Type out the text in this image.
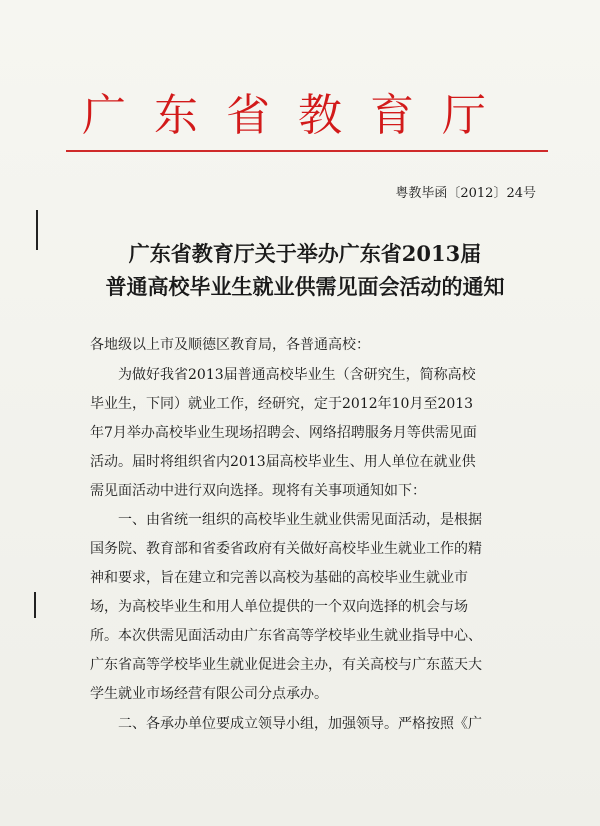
广东省教育厅
粤教毕函〔2012〕24号
广东省教育厅关于举办广东省2013届
普通高校毕业生就业供需见面会活动的通知
各地级以上市及顺德区教育局，各普通高校：
为做好我省2013届普通高校毕业生（含研究生，简称高校
毕业生，下同）就业工作，经研究，定于2012年10月至2013
年7月举办高校毕业生现场招聘会、网络招聘服务月等供需见面
活动。届时将组织省内2013届高校毕业生、用人单位在就业供
需见面活动中进行双向选择。现将有关事项通知如下：
一、由省统一组织的高校毕业生就业供需见面活动，是根据
国务院、教育部和省委省政府有关做好高校毕业生就业工作的精
神和要求，旨在建立和完善以高校为基础的高校毕业生就业市
场，为高校毕业生和用人单位提供的一个双向选择的机会与场
所。本次供需见面活动由广东省高等学校毕业生就业指导中心、
广东省高等学校毕业生就业促进会主办，有关高校与广东蓝天大
学生就业市场经营有限公司分点承办。
二、各承办单位要成立领导小组，加强领导。严格按照《广
